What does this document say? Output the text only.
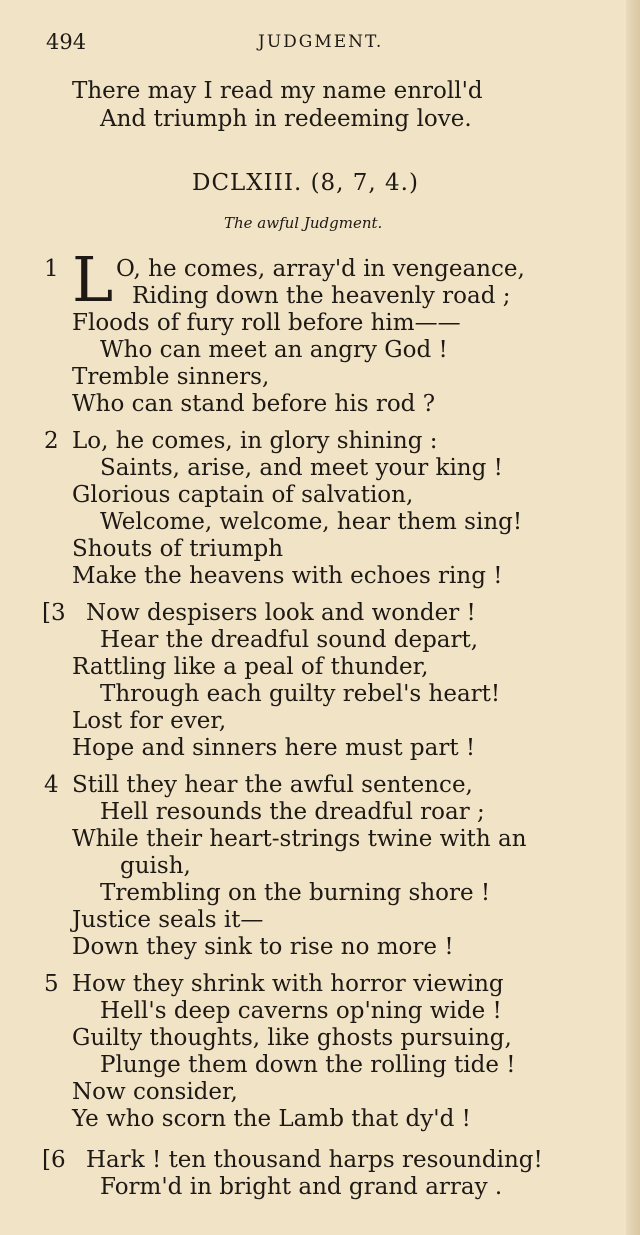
494	JUDGMENT.
There may I read my name enroll'd
And triumph in redeeming love.
DCLXIII. (8, 7, 4.)
The awful Judgment.
1 L O, he comes, array'd in vengeance,
Riding down the heavenly road ;
Floods of fury roll before him——
Who can meet an angry God !
Tremble sinners,
Who can stand before his rod ?
2 Lo, he comes, in glory shining :
Saints, arise, and meet your king !
Glorious captain of salvation,
Welcome, welcome, hear them sing!
Shouts of triumph
Make the heavens with echoes ring !
[3 Now despisers look and wonder !
Hear the dreadful sound depart,
Rattling like a peal of thunder,
Through each guilty rebel's heart!
Lost for ever,
Hope and sinners here must part !
4 Still they hear the awful sentence,
Hell resounds the dreadful roar ;
While their heart-strings twine with an
guish,
Trembling on the burning shore !
Justice seals it—
Down they sink to rise no more !
5 How they shrink with horror viewing
Hell's deep caverns op'ning wide !
Guilty thoughts, like ghosts pursuing,
Plunge them down the rolling tide !
Now consider,
Ye who scorn the Lamb that dy'd !
[6 Hark ! ten thousand harps resounding!
Form'd in bright and grand array .
